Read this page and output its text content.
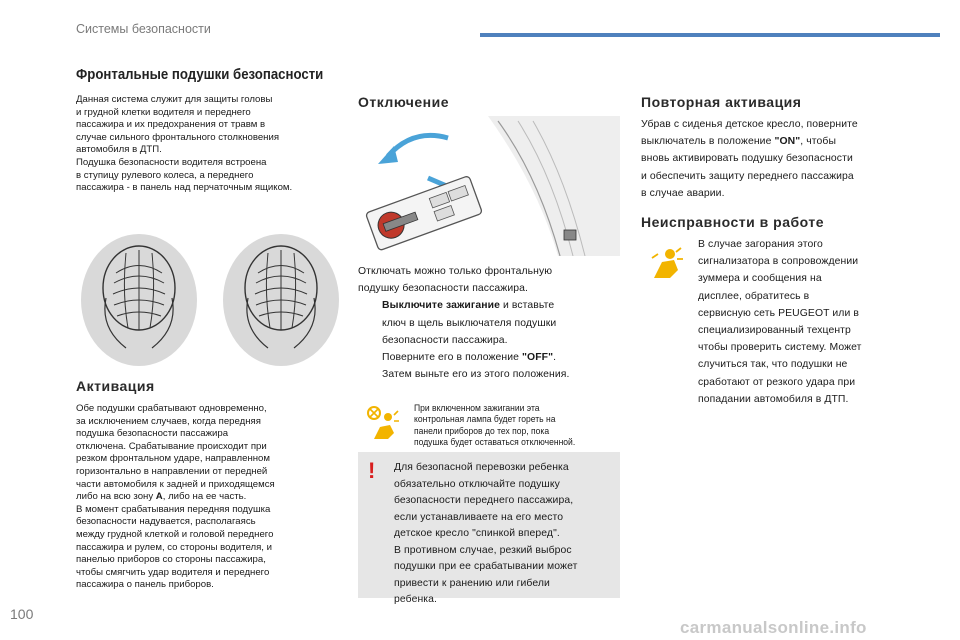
Системы безопасности
Фронтальные подушки безопасности
Данная система служит для защиты головы
и грудной клетки водителя и переднего
пассажира и их предохранения от травм в
случае сильного фронтального столкновения
автомобиля в ДТП.
Подушка безопасности водителя встроена
в ступицу рулевого колеса, а переднего
пассажира - в панель над перчаточным ящиком.
Активация
Обе подушки срабатывают одновременно,
за исключением случаев, когда передняя
подушка безопасности пассажира
отключена. Срабатывание происходит при
резком фронтальном ударе, направленном
горизонтально в направлении от передней
части автомобиля к задней и приходящемся
либо на всю зону A, либо на ее часть.
В момент срабатывания передняя подушка
безопасности надувается, располагаясь
между грудной клеткой и головой переднего
пассажира и рулем, со стороны водителя, и
панелью приборов со стороны пассажира,
чтобы смягчить удар водителя и переднего
пассажира о панель приборов.
Отключение
Отключать можно только фронтальную
подушку безопасности пассажира.
Выключите зажигание и вставьте
ключ в щель выключателя подушки
безопасности пассажира.
Поверните его в положение "OFF".
Затем выньте его из этого положения.
При включенном зажигании эта
контрольная лампа будет гореть на
панели приборов до тех пор, пока
подушка будет оставаться отключенной.
! Для безопасной перевозки ребенка
обязательно отключайте подушку
безопасности переднего пассажира,
если устанавливаете на его место
детское кресло "спинкой вперед".
В противном случае, резкий выброс
подушки при ее срабатывании может
привести к ранению или гибели
ребенка.
Повторная активация
Убрав с сиденья детское кресло, поверните
выключатель в положение "ON", чтобы
вновь активировать подушку безопасности
и обеспечить защиту переднего пассажира
в случае аварии.
Неисправности в работе
В случае загорания этого
сигнализатора в сопровождении
зуммера и сообщения на
дисплее, обратитесь в
сервисную сеть PEUGEOT или в
специализированный техцентр
чтобы проверить систему. Может
случиться так, что подушки не
сработают от резкого удара при
попадании автомобиля в ДТП.
100
carmanualsonline.info
